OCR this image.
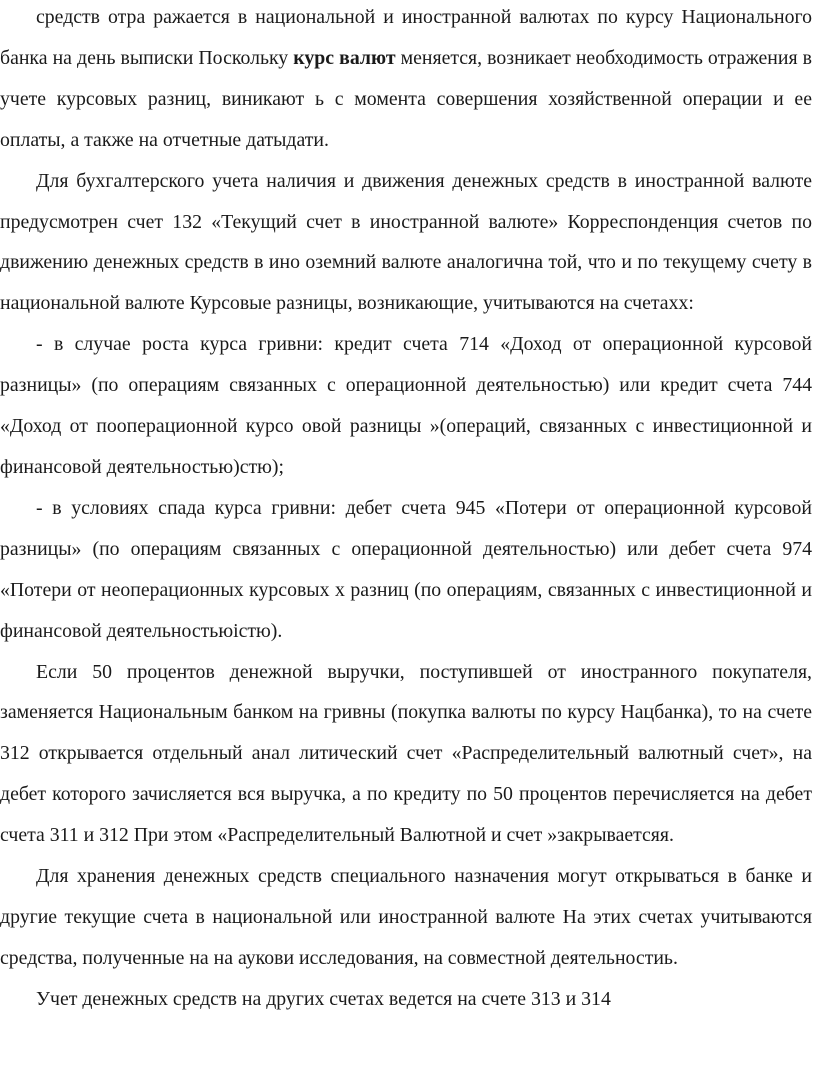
средств отра ражается в национальной и иностранной валютах по курсу Национального банка на день выписки Поскольку курс валют меняется, возникает необходимость отражения в учете курсовых разниц, виникают ь с момента совершения хозяйственной операции и ее оплаты, а также на отчетные датыдати.

Для бухгалтерского учета наличия и движения денежных средств в иностранной валюте предусмотрен счет 132 «Текущий счет в иностранной валюте» Корреспонденция счетов по движению денежных средств в ино оземний валюте аналогична той, что и по текущему счету в национальной валюте Курсовые разницы, возникающие, учитываются на счетахх:

- в случае роста курса гривни: кредит счета 714 «Доход от операционной курсовой разницы» (по операциям связанных с операционной деятельностью) или кредит счета 744 «Доход от пооперационной курсо овой разницы »(операций, связанных с инвестиционной и финансовой деятельностью)стю);

- в условиях спада курса гривни: дебет счета 945 «Потери от операционной курсовой разницы» (по операциям связанных с операционной деятельностью) или дебет счета 974 «Потери от неоперационных курсовых х разниц (по операциям, связанных с инвестиционной и финансовой деятельностьюістю).

Если 50 процентов денежной выручки, поступившей от иностранного покупателя, заменяется Национальным банком на гривны (покупка валюты по курсу Нацбанка), то на счете 312 открывается отдельный анал литический счет «Распределительный валютный счет», на дебет которого зачисляется вся выручка, а по кредиту по 50 процентов перечисляется на дебет счета 311 и 312 При этом «Распределительный Валютной и счет »закрываетсяя.

Для хранения денежных средств специального назначения могут открываться в банке и другие текущие счета в национальной или иностранной валюте На этих счетах учитываются средства, полученные на на аукови исследования, на совместной деятельностиь.

Учет денежных средств на других счетах ведется на счете 313 и 314
